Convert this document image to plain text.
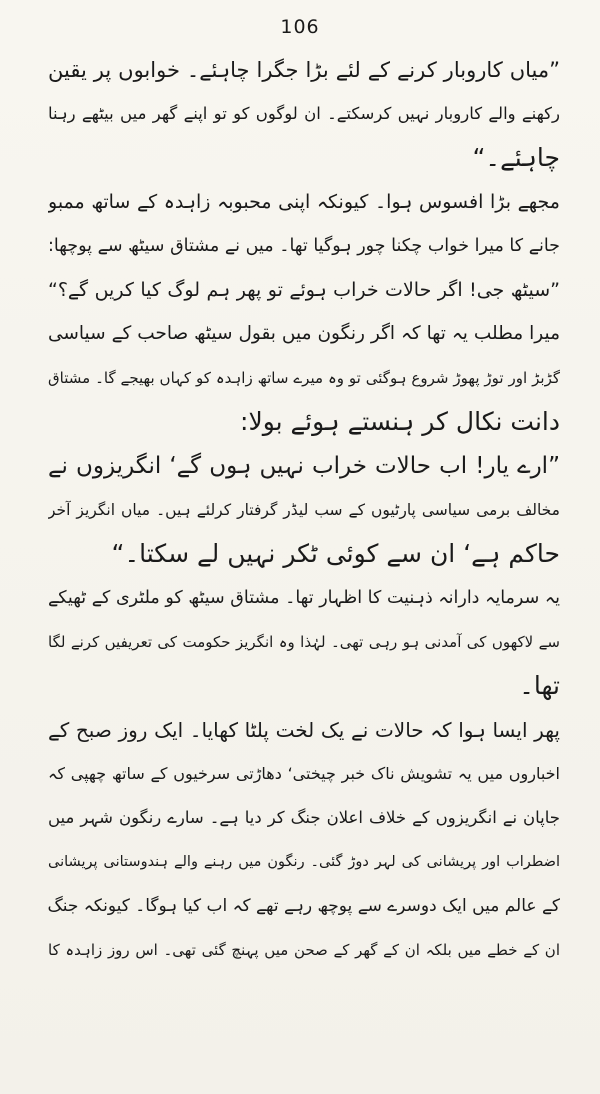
106
”میاں کاروبار کرنے کے لئے بڑا جگرا چاہئے۔ خوابوں پر یقین
رکھنے والے کاروبار نہیں کرسکتے۔ ان لوگوں کو تو اپنے گھر میں بیٹھے رہنا
چاہئے۔“
مجھے بڑا افسوس ہوا۔ کیونکہ اپنی محبوبہ زاہدہ کے ساتھ ممبو
جانے کا میرا خواب چکنا چور ہوگیا تھا۔ میں نے مشتاق سیٹھ سے پوچھا:
”سیٹھ جی! اگر حالات خراب ہوئے تو پھر ہم لوگ کیا کریں گے؟“
میرا مطلب یہ تھا کہ اگر رنگون میں بقول سیٹھ صاحب کے سیاسی
گڑبڑ اور توڑ پھوڑ شروع ہوگئی تو وہ میرے ساتھ زاہدہ کو کہاں بھیجے گا۔ مشتاق
دانت نکال کر ہنستے ہوئے بولا:
”ارے یار! اب حالات خراب نہیں ہوں گے‘ انگریزوں نے
مخالف برمی سیاسی پارٹیوں کے سب لیڈر گرفتار کرلئے ہیں۔ میاں انگریز آخر
حاکم ہے‘ ان سے کوئی ٹکر نہیں لے سکتا۔“
یہ سرمایہ دارانہ ذہنیت کا اظہار تھا۔ مشتاق سیٹھ کو ملٹری کے ٹھیکے
سے لاکھوں کی آمدنی ہو رہی تھی۔ لہٰذا وہ انگریز حکومت کی تعریفیں کرنے لگا
تھا۔
پھر ایسا ہوا کہ حالات نے یک لخت پلٹا کھایا۔ ایک روز صبح کے
اخباروں میں یہ تشویش ناک خبر چیختی‘ دھاڑتی سرخیوں کے ساتھ چھپی کہ
جاپان نے انگریزوں کے خلاف اعلان جنگ کر دیا ہے۔ سارے رنگون شہر میں
اضطراب اور پریشانی کی لہر دوڑ گئی۔ رنگون میں رہنے والے ہندوستانی پریشانی
کے عالم میں ایک دوسرے سے پوچھ رہے تھے کہ اب کیا ہوگا۔ کیونکہ جنگ
ان کے خطے میں بلکہ ان کے گھر کے صحن میں پہنچ گئی تھی۔ اس روز زاہدہ کا
